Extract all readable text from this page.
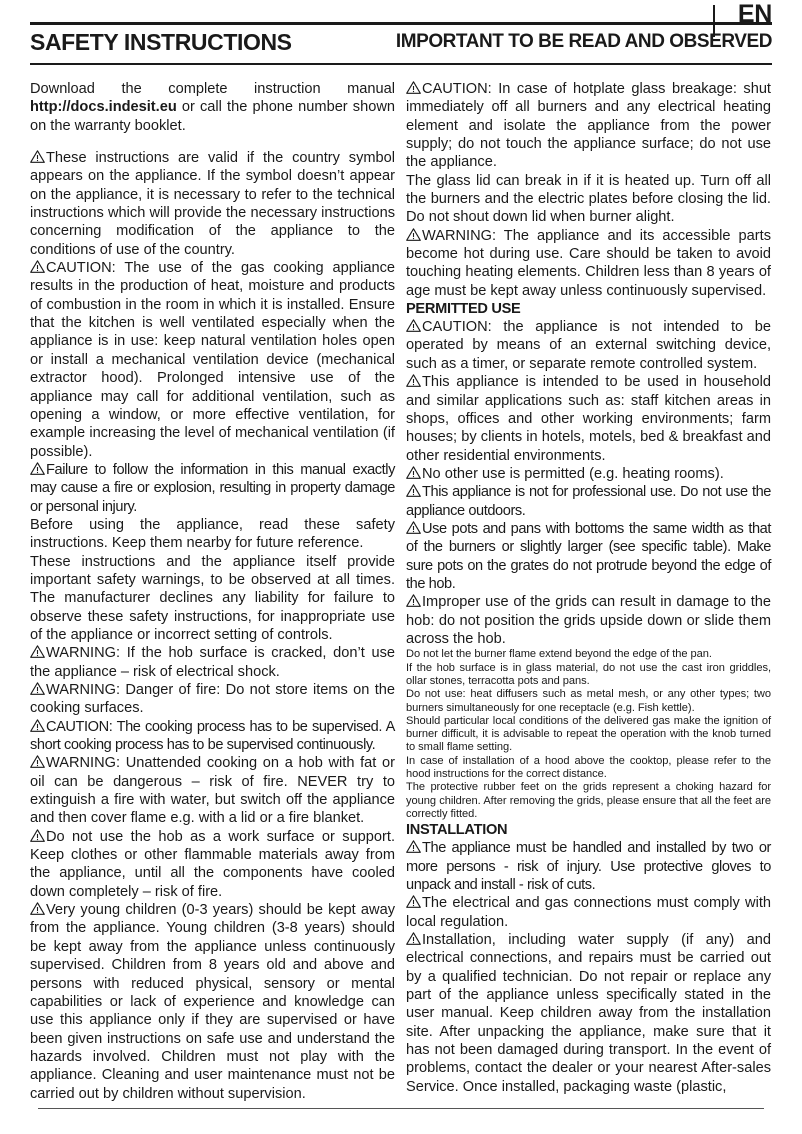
EN
SAFETY INSTRUCTIONS	IMPORTANT TO BE READ AND OBSERVED

Download the complete instruction manual http://docs.indesit.eu or call the phone number shown on the warranty booklet.

These instructions are valid if the country symbol appears on the appliance. If the symbol doesn’t appear on the appliance, it is necessary to refer to the technical instructions which will provide the necessary instructions concerning modification of the appliance to the conditions of use of the country.

CAUTION: The use of the gas cooking appliance results in the production of heat, moisture and products of combustion in the room in which it is installed. Ensure that the kitchen is well ventilated especially when the appliance is in use: keep natural ventilation holes open or install a mechanical ventilation device (mechanical extractor hood). Prolonged intensive use of the appliance may call for additional ventilation, such as opening a window, or more effective ventilation, for example increasing the level of mechanical ventilation (if possible).

Failure to follow the information in this manual exactly may cause a fire or explosion, resulting in property damage or personal injury.

Before using the appliance, read these safety instructions. Keep them nearby for future reference.

These instructions and the appliance itself provide important safety warnings, to be observed at all times. The manufacturer declines any liability for failure to observe these safety instructions, for inappropriate use of the appliance or incorrect setting of controls.

WARNING: If the hob surface is cracked, don’t use the appliance – risk of electrical shock.

WARNING: Danger of fire: Do not store items on the cooking surfaces.

CAUTION: The cooking process has to be supervised. A short cooking process has to be supervised continuously.

WARNING: Unattended cooking on a hob with fat or oil can be dangerous – risk of fire. NEVER try to extinguish a fire with water, but switch off the appliance and then cover flame e.g. with a lid or a fire blanket.

Do not use the hob as a work surface or support. Keep clothes or other flammable materials away from the appliance, until all the components have cooled down completely – risk of fire.

Very young children (0-3 years) should be kept away from the appliance. Young children (3-8 years) should be kept away from the appliance unless continuously supervised. Children from 8 years old and above and persons with reduced physical, sensory or mental capabilities or lack of experience and knowledge can use this appliance only if they are supervised or have been given instructions on safe use and understand the hazards involved. Children must not play with the appliance. Cleaning and user maintenance must not be carried out by children without supervision.

CAUTION: In case of hotplate glass breakage: shut immediately off all burners and any electrical heating element and isolate the appliance from the power supply; do not touch the appliance surface; do not use the appliance.

The glass lid can break in if it is heated up. Turn off all the burners and the electric plates before closing the lid. Do not shout down lid when burner alight.

WARNING: The appliance and its accessible parts become hot during use. Care should be taken to avoid touching heating elements. Children less than 8 years of age must be kept away unless continuously supervised.

PERMITTED USE

CAUTION: the appliance is not intended to be operated by means of an external switching device, such as a timer, or separate remote controlled system.

This appliance is intended to be used in household and similar applications such as: staff kitchen areas in shops, offices and other working environments; farm houses; by clients in hotels, motels, bed & breakfast and other residential environments.

No other use is permitted (e.g. heating rooms).

This appliance is not for professional use. Do not use the appliance outdoors.

Use pots and pans with bottoms the same width as that of the burners or slightly larger (see specific table). Make sure pots on the grates do not protrude beyond the edge of the hob.

Improper use of the grids can result in damage to the hob: do not position the grids upside down or slide them across the hob.

Do not let the burner flame extend beyond the edge of the pan.

If the hob surface is in glass material, do not use the cast iron griddles, ollar stones, terracotta pots and pans.

Do not use: heat diffusers such as metal mesh, or any other types; two burners simultaneously for one receptacle (e.g. Fish kettle).

Should particular local conditions of the delivered gas make the ignition of burner difficult, it is advisable to repeat the operation with the knob turned to small flame setting.

In case of installation of a hood above the cooktop, please refer to the hood instructions for the correct distance.

The protective rubber feet on the grids represent a choking hazard for young children. After removing the grids, please ensure that all the feet are correctly fitted.

INSTALLATION

The appliance must be handled and installed by two or more persons - risk of injury. Use protective gloves to unpack and install - risk of cuts.

The electrical and gas connections must comply with local regulation.

Installation, including water supply (if any) and electrical connections, and repairs must be carried out by a qualified technician. Do not repair or replace any part of the appliance unless specifically stated in the user manual. Keep children away from the installation site. After unpacking the appliance, make sure that it has not been damaged during transport. In the event of problems, contact the dealer or your nearest After-sales Service. Once installed, packaging waste (plastic,
